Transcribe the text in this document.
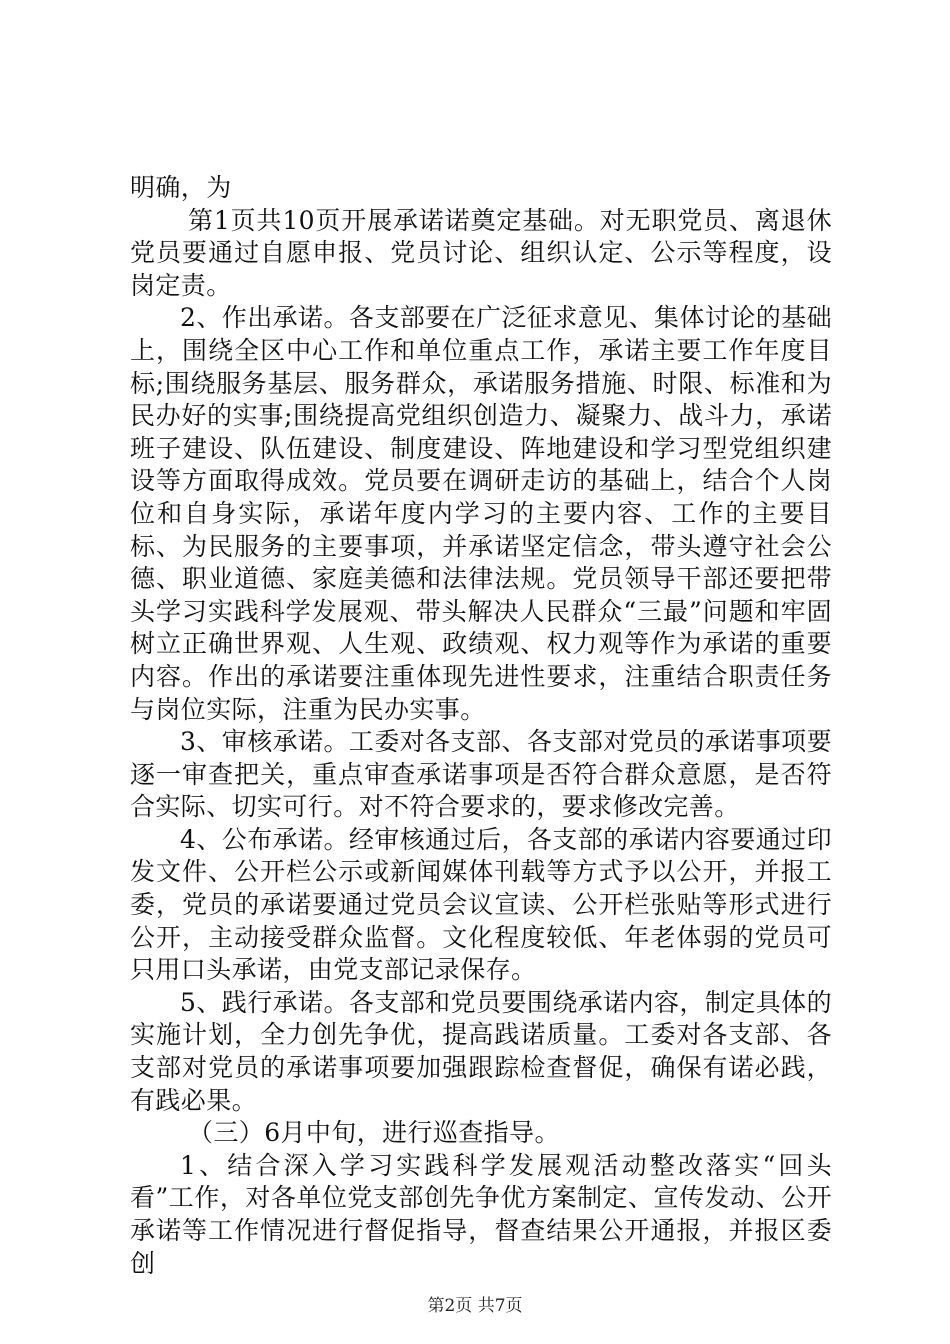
明确，为

第1页共10页开展承诺诺奠定基础。对无职党员、离退休党员要通过自愿申报、党员讨论、组织认定、公示等程度，设岗定责。

2、作出承诺。各支部要在广泛征求意见、集体讨论的基础上，围绕全区中心工作和单位重点工作，承诺主要工作年度目标;围绕服务基层、服务群众，承诺服务措施、时限、标准和为民办好的实事;围绕提高党组织创造力、凝聚力、战斗力，承诺班子建设、队伍建设、制度建设、阵地建设和学习型党组织建设等方面取得成效。党员要在调研走访的基础上，结合个人岗位和自身实际，承诺年度内学习的主要内容、工作的主要目标、为民服务的主要事项，并承诺坚定信念，带头遵守社会公德、职业道德、家庭美德和法律法规。党员领导干部还要把带头学习实践科学发展观、带头解决人民群众“三最”问题和牢固树立正确世界观、人生观、政绩观、权力观等作为承诺的重要内容。作出的承诺要注重体现先进性要求，注重结合职责任务与岗位实际，注重为民办实事。

3、审核承诺。工委对各支部、各支部对党员的承诺事项要逐一审查把关，重点审查承诺事项是否符合群众意愿，是否符合实际、切实可行。对不符合要求的，要求修改完善。

4、公布承诺。经审核通过后，各支部的承诺内容要通过印发文件、公开栏公示或新闻媒体刊载等方式予以公开，并报工委，党员的承诺要通过党员会议宣读、公开栏张贴等形式进行公开，主动接受群众监督。文化程度较低、年老体弱的党员可只用口头承诺，由党支部记录保存。

5、践行承诺。各支部和党员要围绕承诺内容，制定具体的实施计划，全力创先争优，提高践诺质量。工委对各支部、各支部对党员的承诺事项要加强跟踪检查督促，确保有诺必践，有践必果。

（三）6月中旬，进行巡查指导。

1、结合深入学习实践科学发展观活动整改落实“回头看”工作，对各单位党支部创先争优方案制定、宣传发动、公开承诺等工作情况进行督促指导，督查结果公开通报，并报区委创

第2页 共7页
